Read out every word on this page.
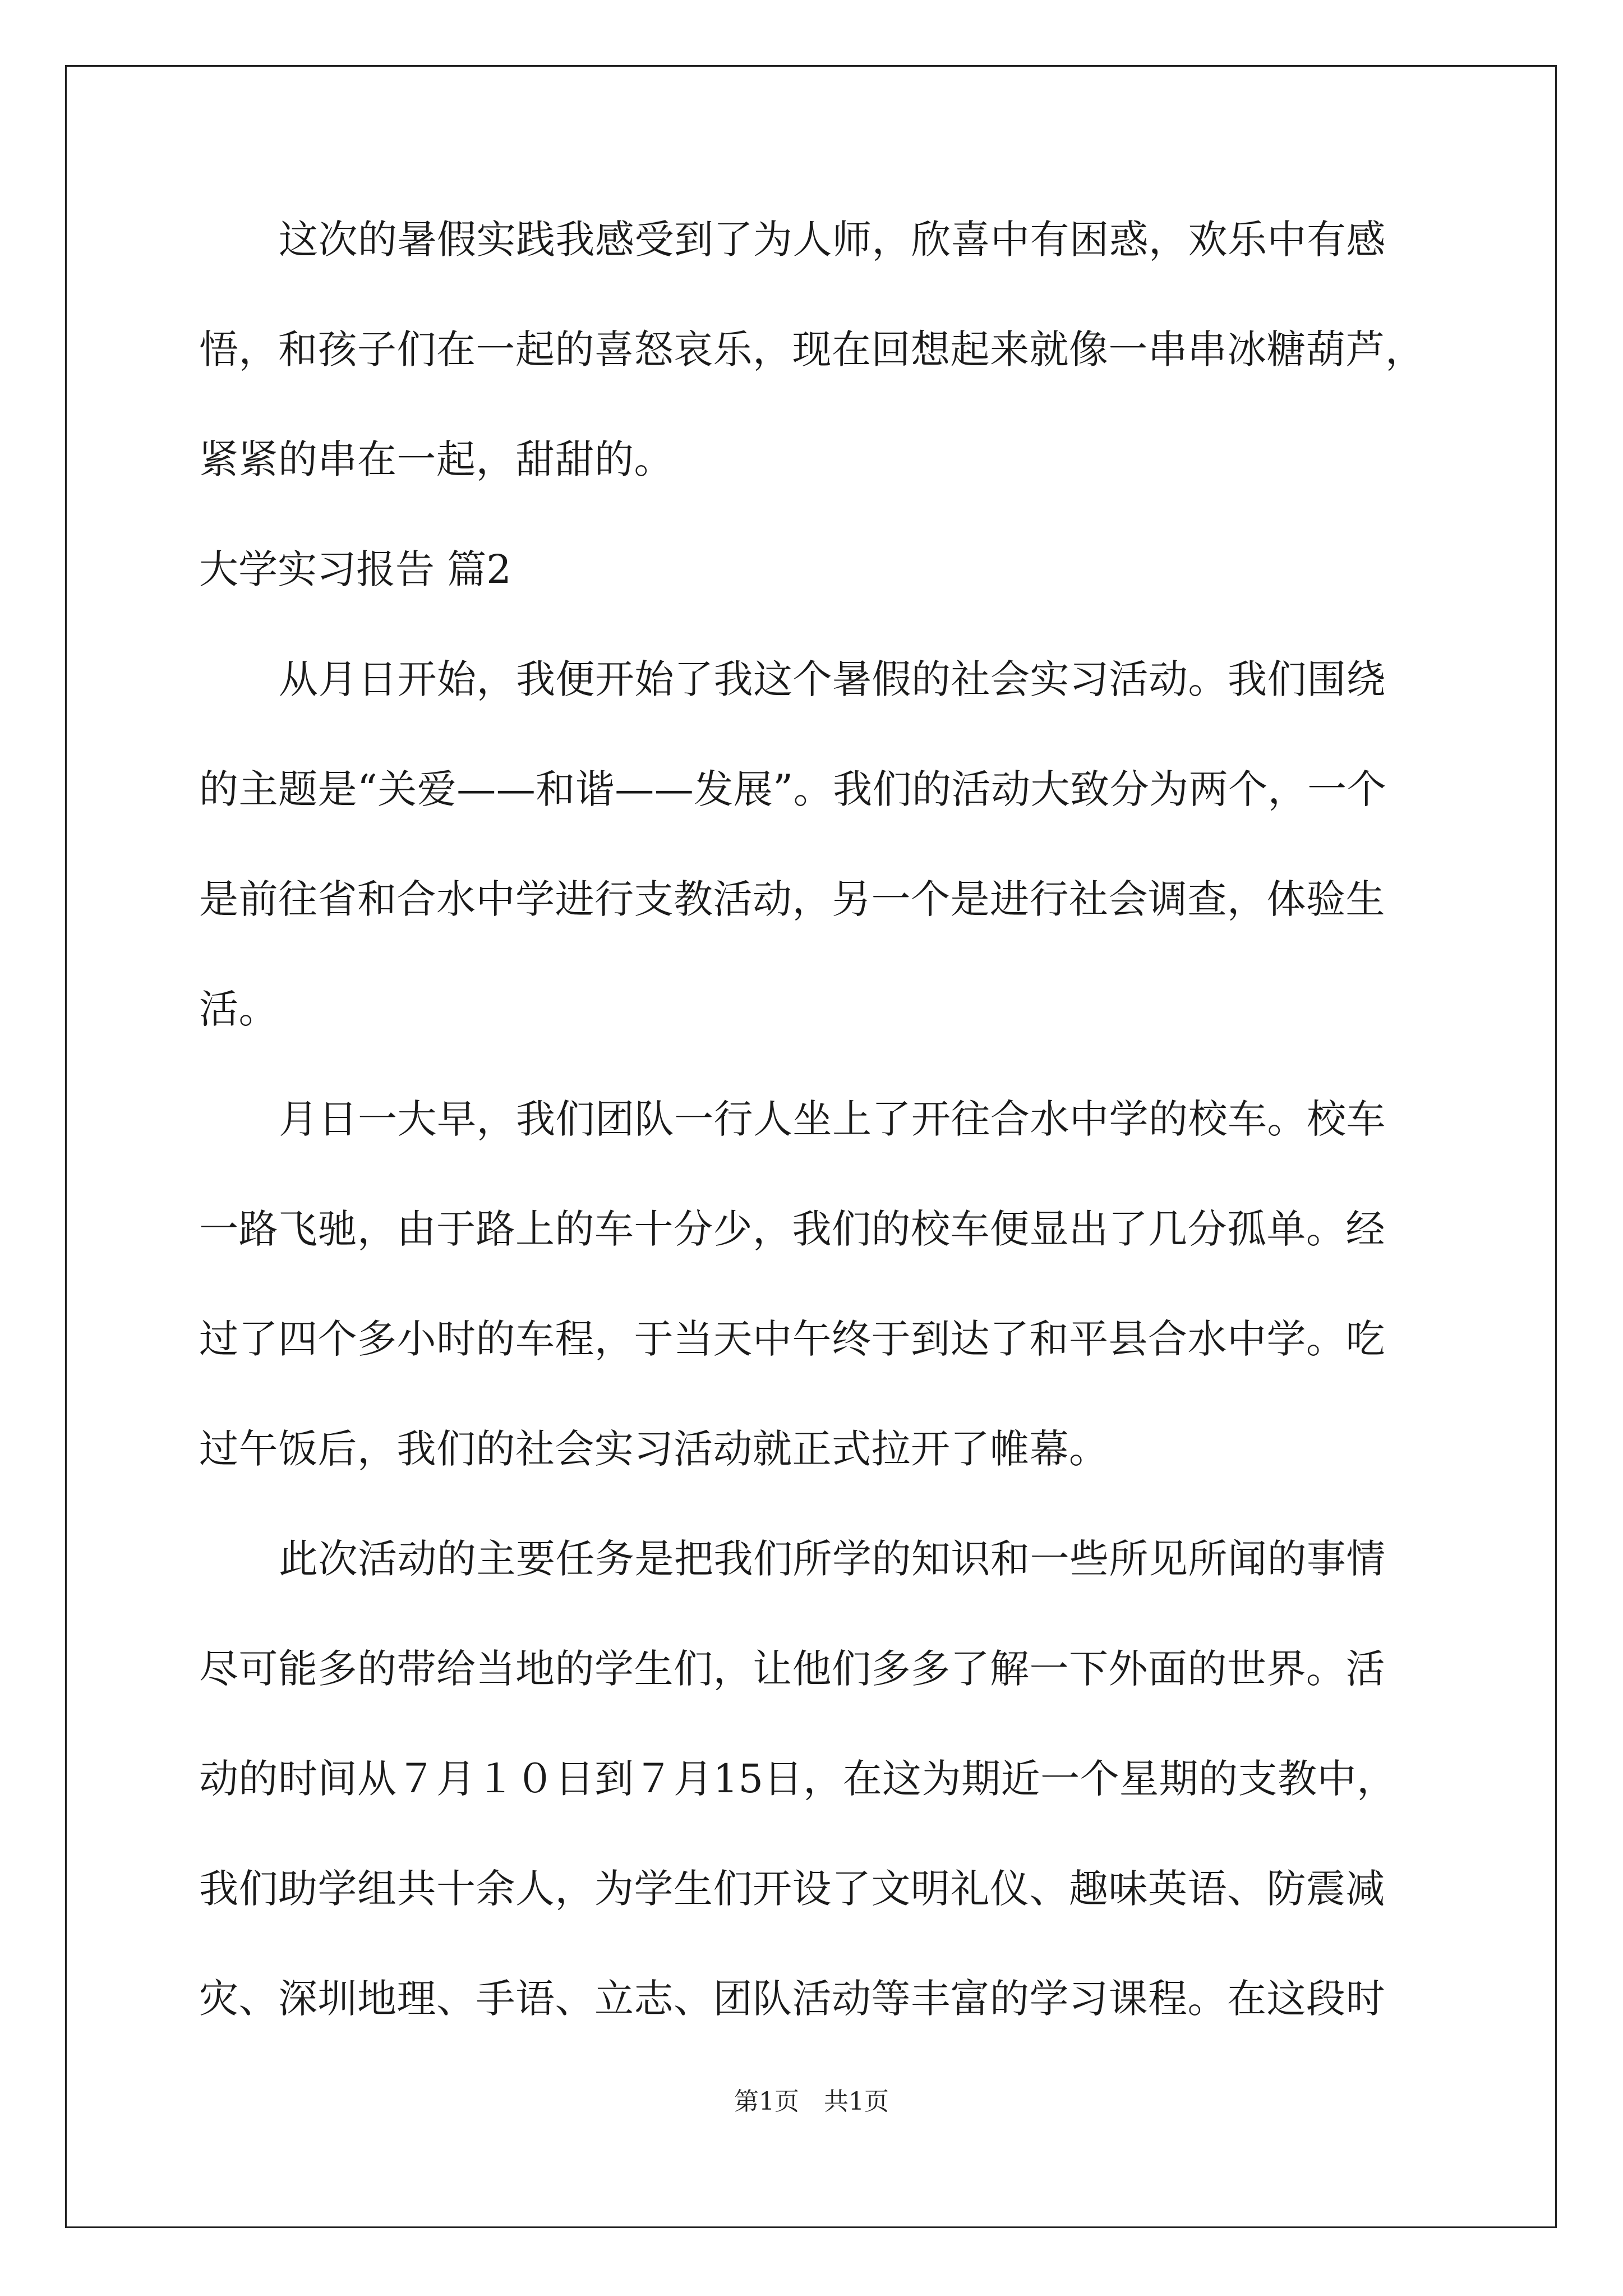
这次的暑假实践我感受到了为人师，欣喜中有困惑，欢乐中有感
悟，和孩子们在一起的喜怒哀乐，现在回想起来就像一串串冰糖葫芦，
紧紧的串在一起，甜甜的。
大学实习报告 篇2
从月日开始，我便开始了我这个暑假的社会实习活动。我们围绕
的主题是“关爱——和谐——发展”。我们的活动大致分为两个，一个
是前往省和合水中学进行支教活动，另一个是进行社会调查，体验生
活。
月日一大早，我们团队一行人坐上了开往合水中学的校车。校车
一路飞驰，由于路上的车十分少，我们的校车便显出了几分孤单。经
过了四个多小时的车程，于当天中午终于到达了和平县合水中学。吃
过午饭后，我们的社会实习活动就正式拉开了帷幕。
此次活动的主要任务是把我们所学的知识和一些所见所闻的事情
尽可能多的带给当地的学生们，让他们多多了解一下外面的世界。活
动的时间从７月１０日到７月15日，在这为期近一个星期的支教中，
我们助学组共十余人，为学生们开设了文明礼仪、趣味英语、防震减
灾、深圳地理、手语、立志、团队活动等丰富的学习课程。在这段时
第1页　共1页
